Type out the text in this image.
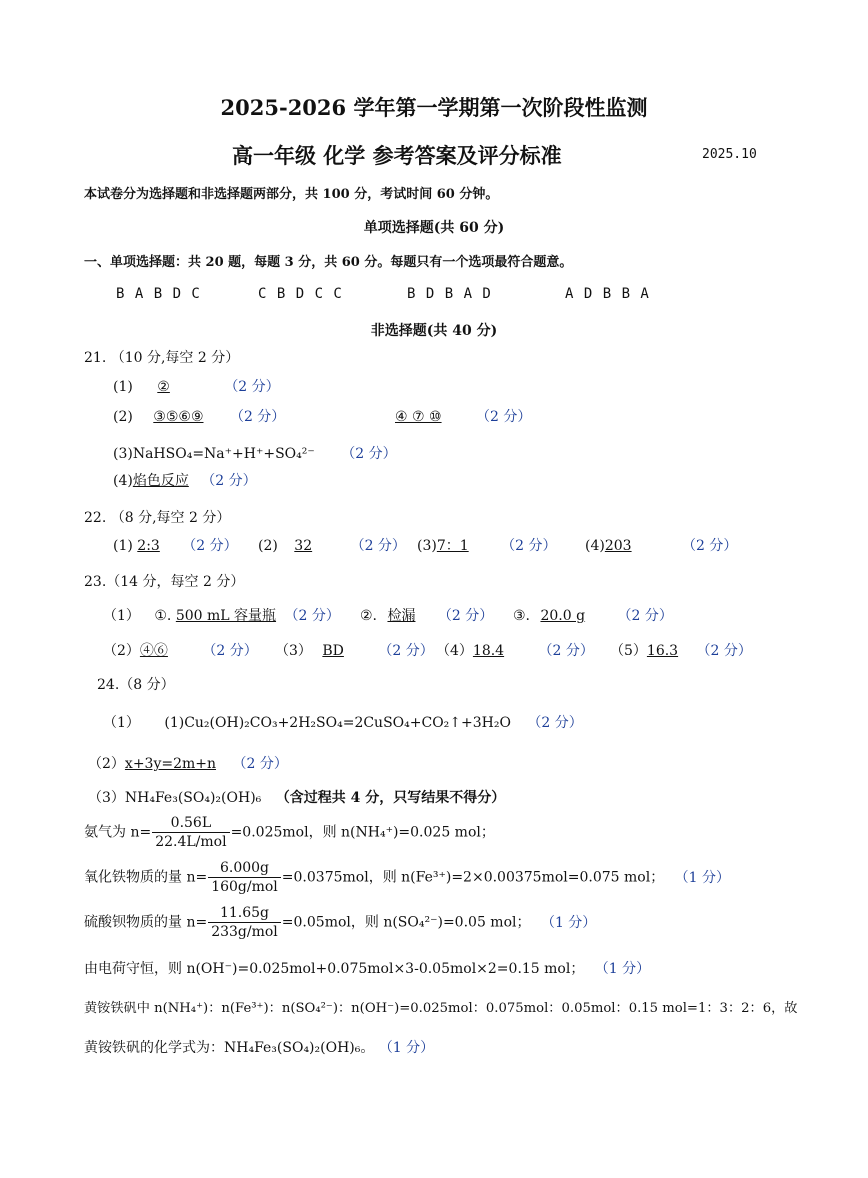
2025-2026 学年第一学期第一次阶段性监测
高一年级 化学 参考答案及评分标准	2025.10
本试卷分为选择题和非选择题两部分，共 100 分，考试时间 60 分钟。
单项选择题(共 60 分)
一、单项选择题：共 20 题，每题 3 分，共 60 分。每题只有一个选项最符合题意。
B A B D C	C B D C C	B D B A D	A D B B A
非选择题(共 40 分)
21. （10 分,每空 2 分）
(1) ②	（2 分）
(2) ③⑤⑥⑨ （2 分）	④ ⑦ ⑩ （2 分）
(3)NaHSO₄=Na⁺+H⁺+SO₄²⁻ （2 分）
(4)焰色反应 （2 分）
22. （8 分,每空 2 分）
(1) 2:3 （2 分） (2) 32	（2 分） (3)7：1 （2 分） (4)203	（2 分）
23.（14 分，每空 2 分）
（1） ①. 500 mL 容量瓶 （2 分） ②. 检漏 （2 分） ③. 20.0 g （2 分）
（2）④⑥ （2 分） （3） BD （2 分） （4）18.4 （2 分） （5）16.3 （2 分）
24.（8 分）
（1） (1)Cu₂(OH)₂CO₃+2H₂SO₄=2CuSO₄+CO₂↑+3H₂O （2 分）
（2）x+3y=2m+n （2 分）
（3）NH₄Fe₃(SO₄)₂(OH)₆ （含过程共 4 分，只写结果不得分）
氨气为 $n= \frac{0.56L}{\text{22.4L/mol}} =0.025mol$，则 n(NH₄⁺)=0.025 mol；
氧化铁物质的量 $n= \frac{6.000g}{\text{160g/mol}} =0.0375mol$，则 n(Fe³⁺)=2×0.00375mol=0.075 mol； （1 分）
硫酸钡物质的量 $n= \frac{11.65g}{\text{233g/mol}} =0.05mol$，则 n(SO₄²⁻)=0.05 mol； （1 分）
由电荷守恒，则 n(OH⁻)=0.025mol+0.075mol×3-0.05mol×2=0.15 mol； （1 分）
黄铵铁矾中 n(NH₄⁺)：n(Fe³⁺)：n(SO₄²⁻)：n(OH⁻)=0.025mol：0.075mol：0.05mol：0.15 mol=1：3：2：6，故
黄铵铁矾的化学式为：NH₄Fe₃(SO₄)₂(OH)₆。 （1 分）
